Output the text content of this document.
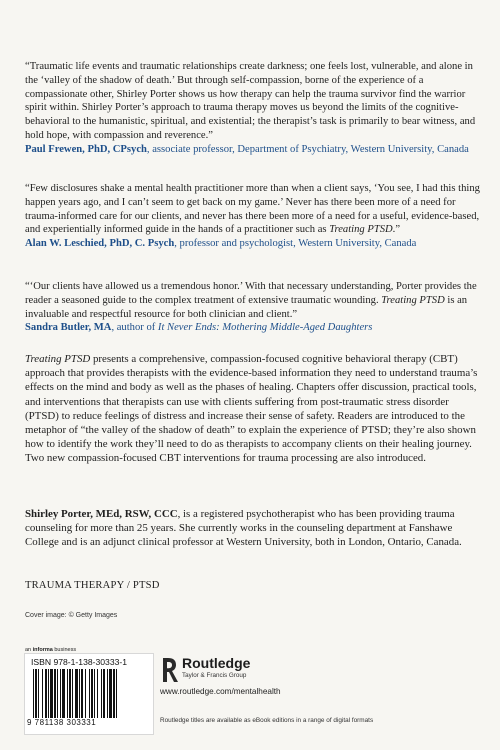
“Traumatic life events and traumatic relationships create darkness; one feels lost, vulnerable, and alone in the ‘valley of the shadow of death.’ But through self-compassion, borne of the experience of a compassionate other, Shirley Porter shows us how therapy can help the trauma survivor find the warrior spirit within. Shirley Porter’s approach to trauma therapy moves us beyond the limits of the cognitive-behavioral to the humanistic, spiritual, and existential; the therapist’s task is primarily to bear witness, and hold hope, with compassion and reverence.”
Paul Frewen, PhD, CPsych, associate professor, Department of Psychiatry, Western University, Canada

“Few disclosures shake a mental health practitioner more than when a client says, ‘You see, I had this thing happen years ago, and I can’t seem to get back on my game.’ Never has there been more of a need for trauma-informed care for our clients, and never has there been more of a need for a useful, evidence-based, and experientially informed guide in the hands of a practitioner such as Treating PTSD.”
Alan W. Leschied, PhD, C. Psych, professor and psychologist, Western University, Canada

“‘Our clients have allowed us a tremendous honor.’ With that necessary understanding, Porter provides the reader a seasoned guide to the complex treatment of extensive traumatic wounding. Treating PTSD is an invaluable and respectful resource for both clinician and client.”
Sandra Butler, MA, author of It Never Ends: Mothering Middle-Aged Daughters

Treating PTSD presents a comprehensive, compassion-focused cognitive behavioral therapy (CBT) approach that provides therapists with the evidence-based information they need to understand trauma’s effects on the mind and body as well as the phases of healing. Chapters offer discussion, practical tools, and interventions that therapists can use with clients suffering from post-traumatic stress disorder (PTSD) to reduce feelings of distress and increase their sense of safety. Readers are introduced to the metaphor of “the valley of the shadow of death” to explain the experience of PTSD; they’re also shown how to identify the work they’ll need to do as therapists to accompany clients on their healing journey. Two new compassion-focused CBT interventions for trauma processing are also introduced.

Shirley Porter, MEd, RSW, CCC, is a registered psychotherapist who has been providing trauma counseling for more than 25 years. She currently works in the counseling department at Fanshawe College and is an adjunct clinical professor at Western University, both in London, Ontario, Canada.

TRAUMA THERAPY / PTSD
Cover image: © Getty Images
an informa business
ISBN 978-1-138-30333-1
9 781138 303331
Routledge
Taylor & Francis Group
www.routledge.com/mentalhealth
Routledge titles are available as eBook editions in a range of digital formats
